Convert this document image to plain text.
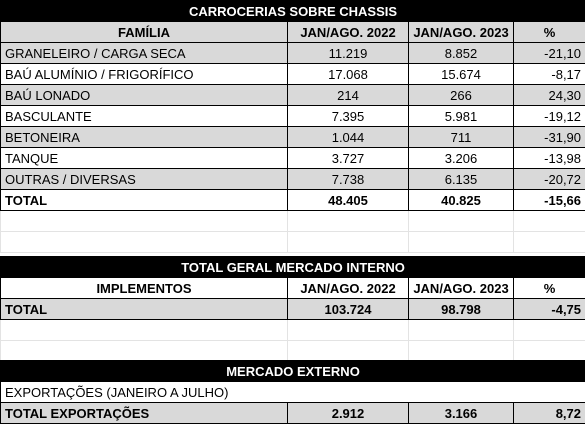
CARROCERIAS SOBRE CHASSIS			
FAMÍLIA	JAN/AGO. 2022	JAN/AGO. 2023	%
GRANELEIRO / CARGA SECA	11.219	8.852	-21,10
BAÚ ALUMÍNIO / FRIGORÍFICO	17.068	15.674	-8,17
BAÚ LONADO	214	266	24,30
BASCULANTE	7.395	5.981	-19,12
BETONEIRA	1.044	711	-31,90
TANQUE	3.727	3.206	-13,98
OUTRAS / DIVERSAS	7.738	6.135	-20,72
TOTAL	48.405	40.825	-15,66

TOTAL GERAL MERCADO INTERNO			
IMPLEMENTOS	JAN/AGO. 2022	JAN/AGO. 2023	%
TOTAL	103.724	98.798	-4,75

MERCADO EXTERNO
EXPORTAÇÕES (JANEIRO A JULHO)
TOTAL EXPORTAÇÕES	2.912	3.166	8,72
